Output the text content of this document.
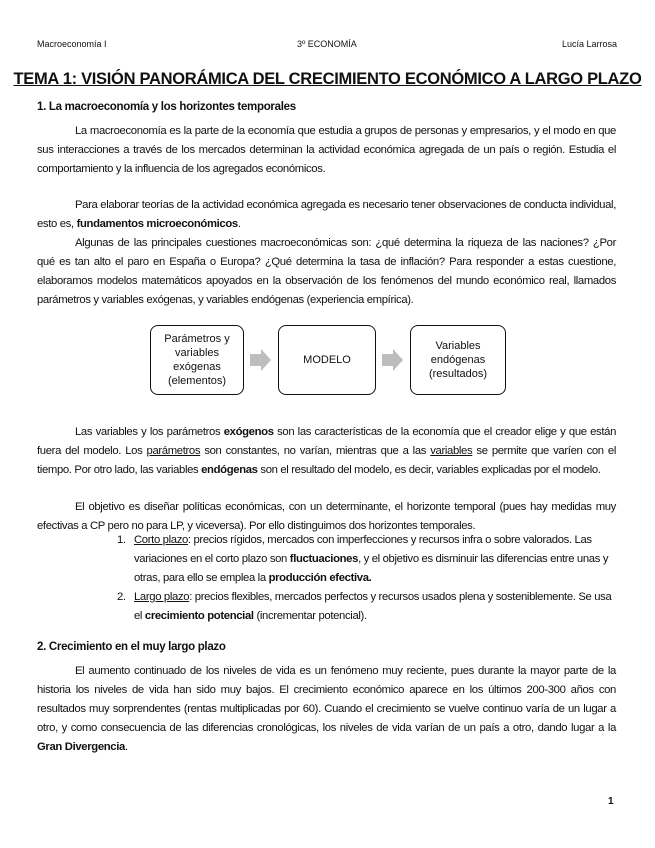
Macroeconomía I	3º ECONOMÍA	Lucía Larrosa
TEMA 1: VISIÓN PANORÁMICA DEL CRECIMIENTO ECONÓMICO A LARGO PLAZO
1. La macroeconomía y los horizontes temporales
La macroeconomía es la parte de la economía que estudia a grupos de personas y empresarios, y el modo en que sus interacciones a través de los mercados determinan la actividad económica agregada de un país o región. Estudia el comportamiento y la influencia de los agregados económicos.
Para elaborar teorías de la actividad económica agregada es necesario tener observaciones de conducta individual, esto es, fundamentos microeconómicos.
Algunas de las principales cuestiones macroeconómicas son: ¿qué determina la riqueza de las naciones? ¿Por qué es tan alto el paro en España o Europa? ¿Qué determina la tasa de inflación? Para responder a estas cuestione, elaboramos modelos matemáticos apoyados en la observación de los fenómenos del mundo económico real, llamados parámetros y variables exógenas, y variables endógenas (experiencia empírica).
Parámetros y variables exógenas (elementos)
MODELO
Variables endógenas (resultados)
Las variables y los parámetros exógenos son las características de la economía que el creador elige y que están fuera del modelo. Los parámetros son constantes, no varían, mientras que a las variables se permite que varíen con el tiempo. Por otro lado, las variables endógenas son el resultado del modelo, es decir, variables explicadas por el modelo.
El objetivo es diseñar políticas económicas, con un determinante, el horizonte temporal (pues hay medidas muy efectivas a CP pero no para LP, y viceversa). Por ello distinguimos dos horizontes temporales.
1. Corto plazo: precios rígidos, mercados con imperfecciones y recursos infra o sobre valorados. Las variaciones en el corto plazo son fluctuaciones, y el objetivo es disminuir las diferencias entre unas y otras, para ello se emplea la producción efectiva.
2. Largo plazo: precios flexibles, mercados perfectos y recursos usados plena y sosteniblemente. Se usa el crecimiento potencial (incrementar potencial).
2. Crecimiento en el muy largo plazo
El aumento continuado de los niveles de vida es un fenómeno muy reciente, pues durante la mayor parte de la historia los niveles de vida han sido muy bajos. El crecimiento económico aparece en los últimos 200-300 años con resultados muy sorprendentes (rentas multiplicadas por 60). Cuando el crecimiento se vuelve continuo varía de un lugar a otro, y como consecuencia de las diferencias cronológicas, los niveles de vida varían de un país a otro, dando lugar a la Gran Divergencia.
1
